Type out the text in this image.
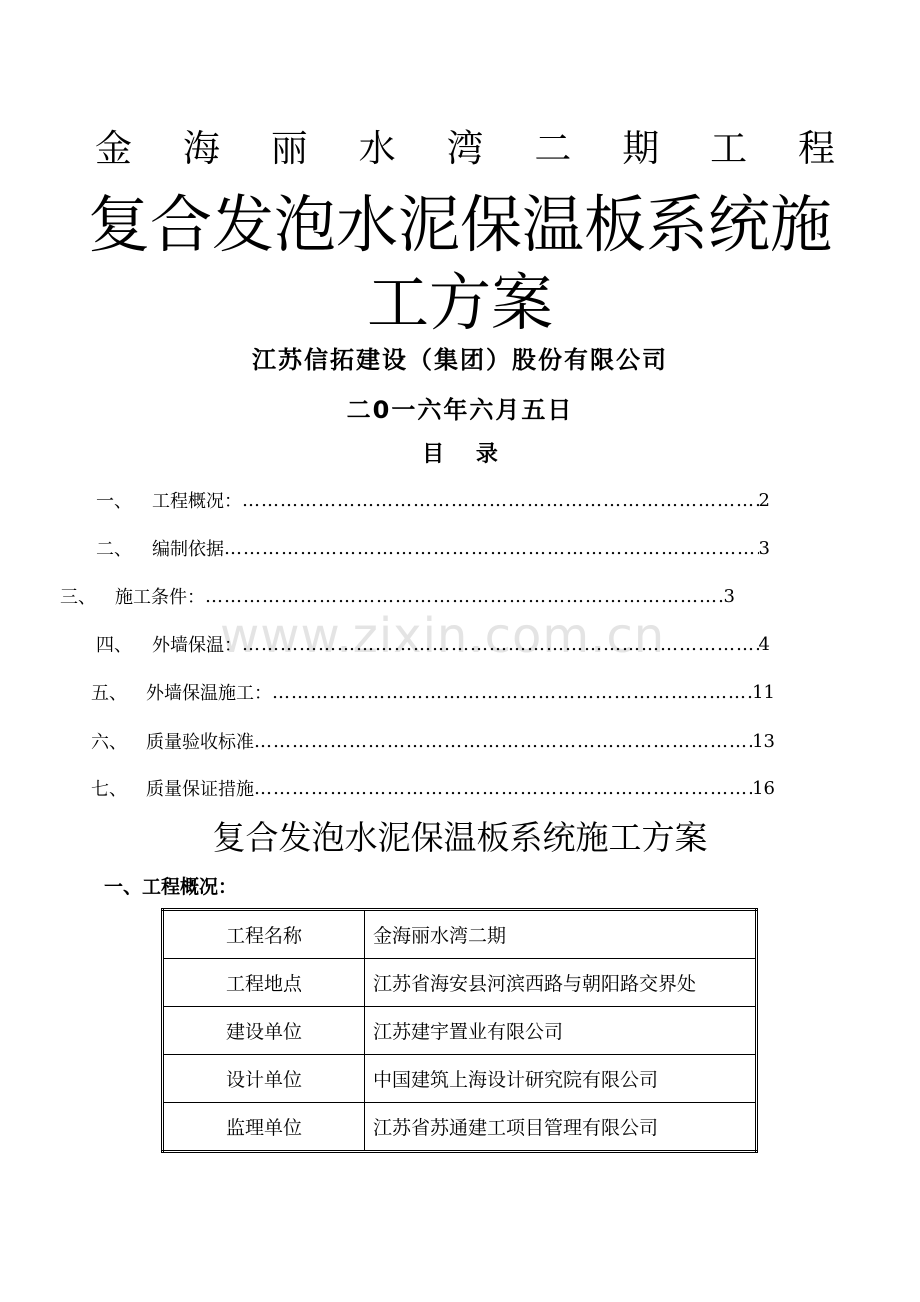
www.zixin.com.cn
金 海 丽 水 湾 二 期 工 程
复合发泡水泥保温板系统施
工方案
江苏信拓建设（集团）股份有限公司
二0一六年六月五日
目 录
一、	工程概况： ………………………………………………………………………………………………………………………………………………………………	2
二、	编制依据 ………………………………………………………………………………………………………………………………………………………………	3
三、	施工条件： ………………………………………………………………………………………………………………………………………………………………	3
四、	外墙保温： ………………………………………………………………………………………………………………………………………………………………	4
五、	外墙保温施工： ………………………………………………………………………………………………………………………………………………………………	11
六、	质量验收标准 ………………………………………………………………………………………………………………………………………………………………	13
七、	质量保证措施 ………………………………………………………………………………………………………………………………………………………………	16
复合发泡水泥保温板系统施工方案
一、工程概况：
工程名称	金海丽水湾二期
工程地点	江苏省海安县河滨西路与朝阳路交界处
建设单位	江苏建宇置业有限公司
设计单位	中国建筑上海设计研究院有限公司
监理单位	江苏省苏通建工项目管理有限公司
